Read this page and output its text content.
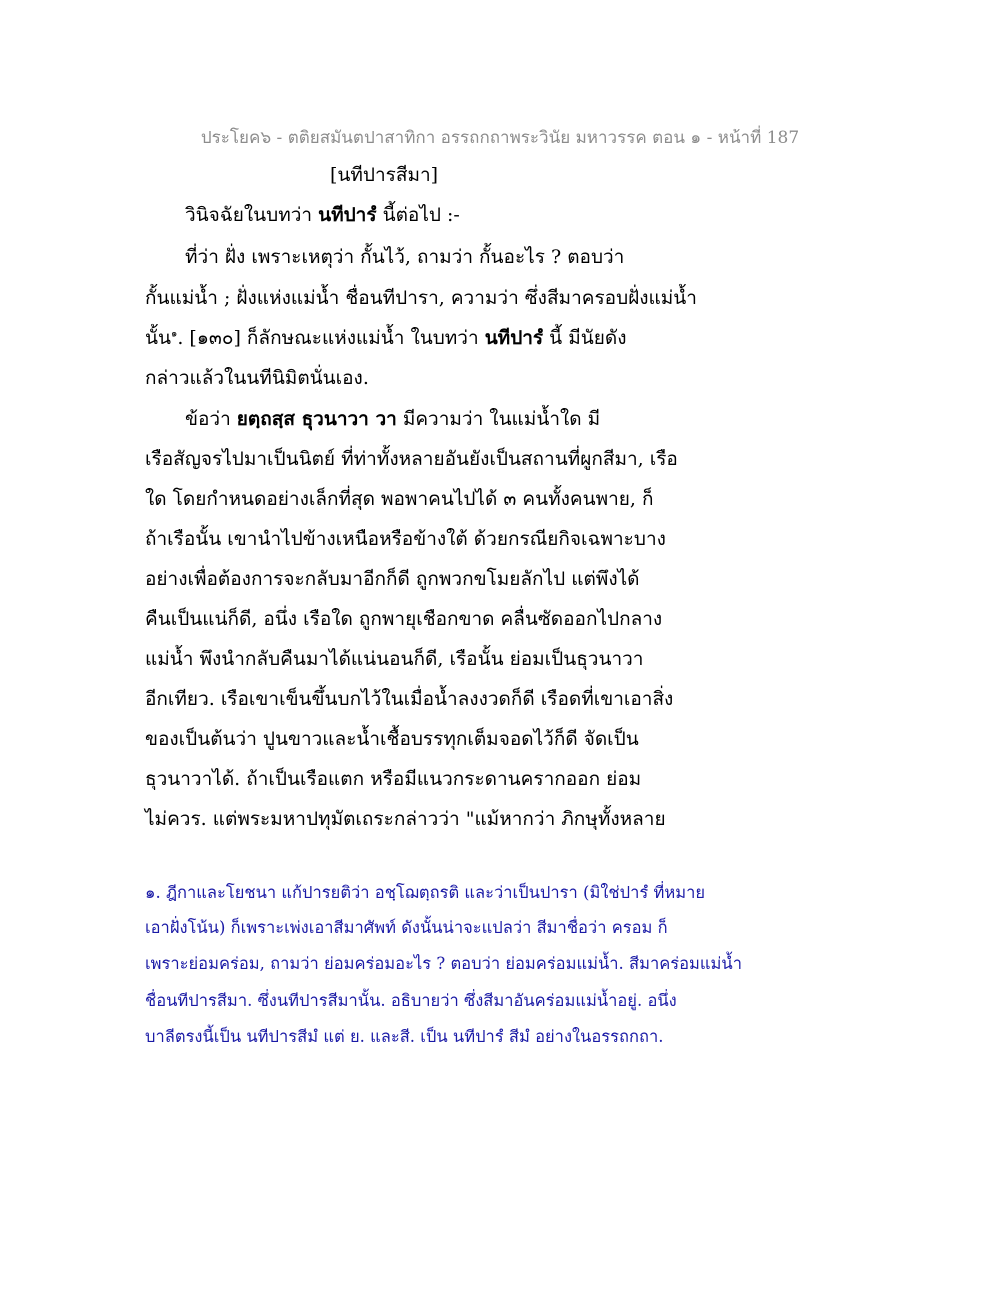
ประโยค๖ - ตติยสมันตปาสาทิกา อรรถกถาพระวินัย มหาวรรค ตอน ๑ - หน้าที่ 187
[นทีปารสีมา]
วินิจฉัยในบทว่า นทีปารํ นี้ต่อไป :-
ที่ว่า ฝั่ง เพราะเหตุว่า กั้นไว้, ถามว่า กั้นอะไร ? ตอบว่า
กั้นแม่น้ำ ; ฝั่งแห่งแม่น้ำ ชื่อนทีปารา, ความว่า ซึ่งสีมาครอบฝั่งแม่น้ำ
นั้น$^๑$. [๑๓๐] ก็ลักษณะแห่งแม่น้ำ ในบทว่า นทีปารํ นี้ มีนัยดัง
กล่าวแล้วในนทีนิมิตนั่นเอง.
ข้อว่า ยตฺถสฺส ธุวนาวา วา มีความว่า ในแม่น้ำใด มี
เรือสัญจรไปมาเป็นนิตย์ ที่ท่าทั้งหลายอันยังเป็นสถานที่ผูกสีมา, เรือ
ใด โดยกำหนดอย่างเล็กที่สุด พอพาคนไปได้ ๓ คนทั้งคนพาย, ก็
ถ้าเรือนั้น เขานำไปข้างเหนือหรือข้างใต้ ด้วยกรณียกิจเฉพาะบาง
อย่างเพื่อต้องการจะกลับมาอีกก็ดี ถูกพวกขโมยลักไป แต่พึงได้
คืนเป็นแน่ก็ดี, อนึ่ง เรือใด ถูกพายุเชือกขาด คลื่นซัดออกไปกลาง
แม่น้ำ พึงนำกลับคืนมาได้แน่นอนก็ดี, เรือนั้น ย่อมเป็นธุวนาวา
อีกเทียว. เรือเขาเข็นขึ้นบกไว้ในเมื่อน้ำลงงวดก็ดี เรือดที่เขาเอาสิ่ง
ของเป็นต้นว่า ปูนขาวและน้ำเชื้อบรรทุกเต็มจอดไว้ก็ดี จัดเป็น
ธุวนาวาได้. ถ้าเป็นเรือแตก หรือมีแนวกระดานครากออก ย่อม
ไม่ควร. แต่พระมหาปทุมัตเถระกล่าวว่า "แม้หากว่า ภิกษุทั้งหลาย
๑. ฎีกาและโยชนา แก้ปารยติว่า อชฺโฌตฺถรติ และว่าเป็นปารา (มิใช่ปารํ ที่หมาย
เอาฝั่งโน้น) ก็เพราะเพ่งเอาสีมาศัพท์ ดังนั้นน่าจะแปลว่า สีมาชื่อว่า ครอม ก็
เพราะย่อมคร่อม, ถามว่า ย่อมคร่อมอะไร ? ตอบว่า ย่อมคร่อมแม่น้ำ. สีมาคร่อมแม่น้ำ
ชื่อนทีปารสีมา. ซึ่งนทีปารสีมานั้น. อธิบายว่า ซึ่งสีมาอันคร่อมแม่น้ำอยู่. อนึ่ง
บาลีตรงนี้เป็น นทีปารสีมํ แต่ ย. และสี. เป็น นทีปารํ สีมํ อย่างในอรรถกถา.
